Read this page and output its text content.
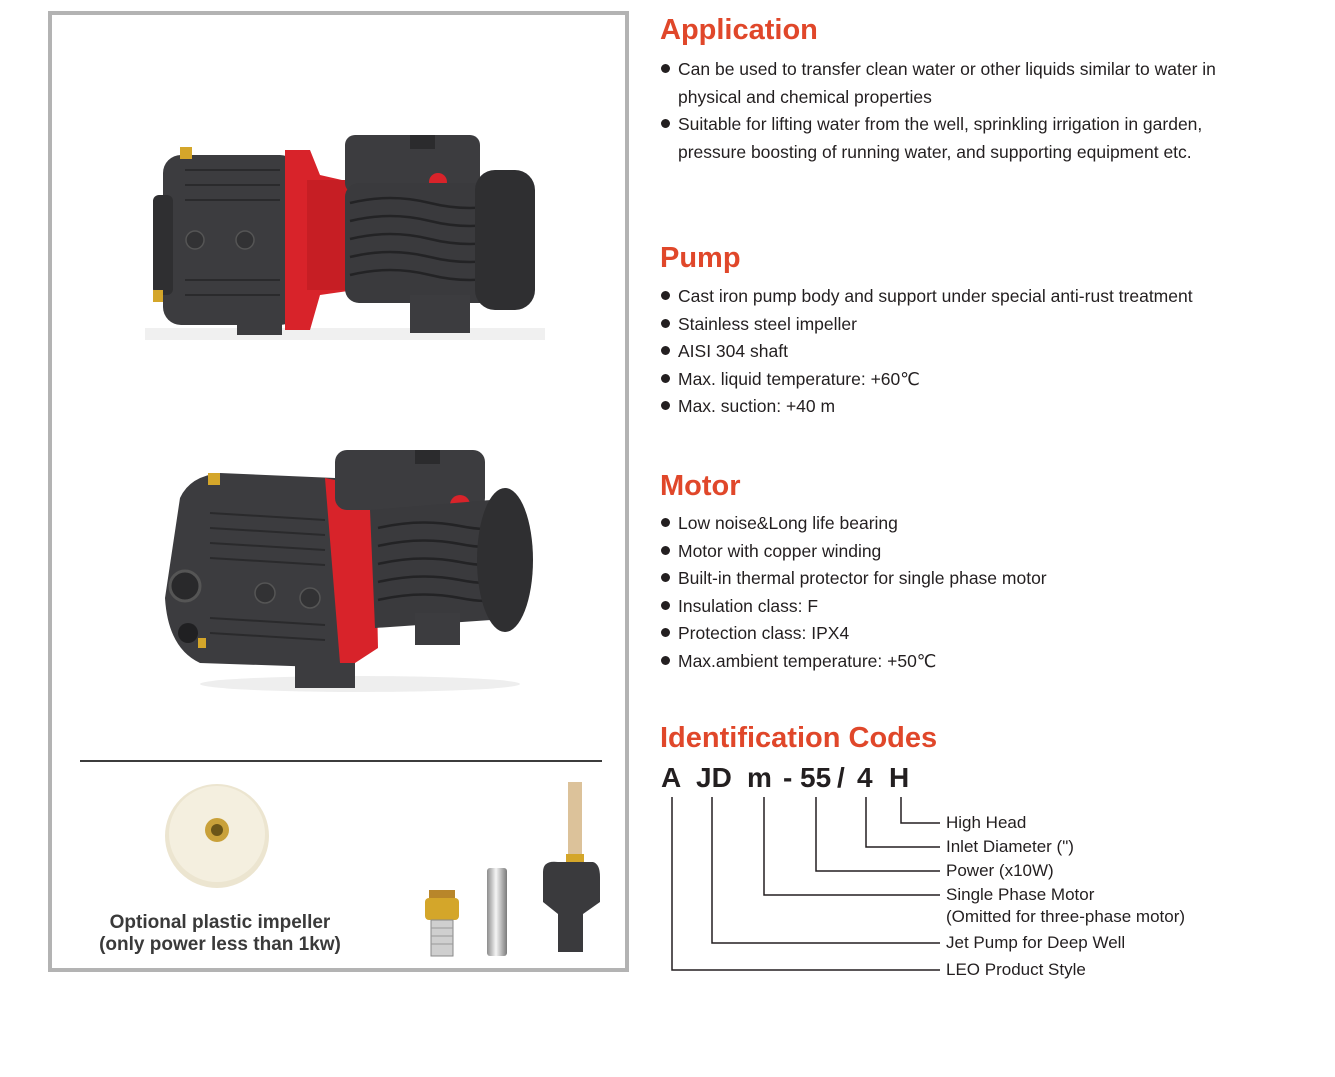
Optional plastic impeller
(only power less than 1kw)
Application
Can be used to transfer clean water or other liquids similar to water in physical and chemical properties
Suitable for lifting water from the well, sprinkling irrigation in garden, pressure boosting of running water, and supporting equipment etc.
Pump
Cast iron pump body and support under special anti-rust treatment
Stainless steel impeller
AISI 304 shaft
Max. liquid temperature: +60℃
Max. suction: +40 m
Motor
Low noise&Long life bearing
Motor with copper winding
Built-in thermal protector for single phase motor
Insulation class: F
Protection class: IPX4
Max.ambient temperature: +50℃
Identification Codes
A JD m - 55 / 4 H
High Head
Inlet Diameter (")
Power (x10W)
Single Phase Motor
(Omitted for three-phase motor)
Jet Pump for Deep Well
LEO Product Style
